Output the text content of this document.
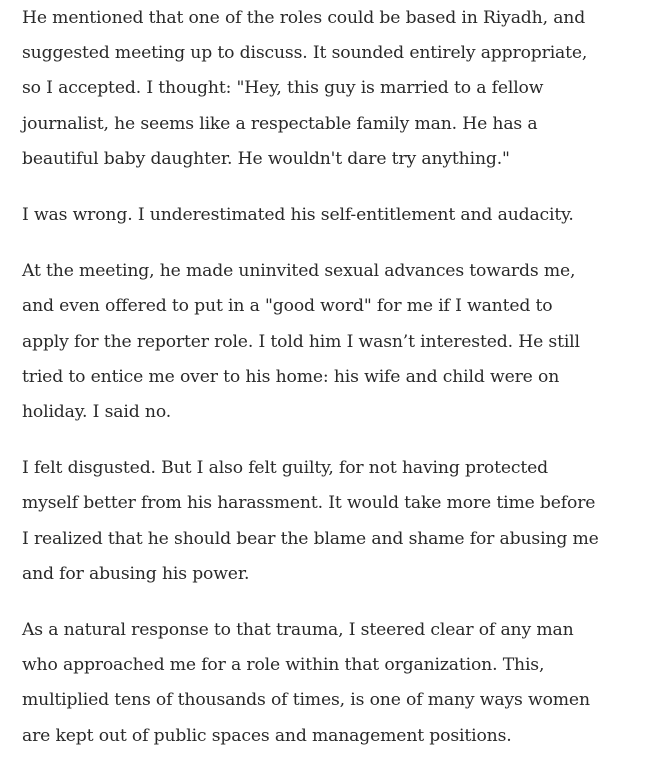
He mentioned that one of the roles could be based in Riyadh, and
suggested meeting up to discuss. It sounded entirely appropriate,
so I accepted. I thought: "Hey, this guy is married to a fellow
journalist, he seems like a respectable family man. He has a
beautiful baby daughter. He wouldn't dare try anything."

I was wrong. I underestimated his self-entitlement and audacity.

At the meeting, he made uninvited sexual advances towards me,
and even offered to put in a "good word" for me if I wanted to
apply for the reporter role. I told him I wasn’t interested. He still
tried to entice me over to his home: his wife and child were on
holiday. I said no.

I felt disgusted. But I also felt guilty, for not having protected
myself better from his harassment. It would take more time before
I realized that he should bear the blame and shame for abusing me
and for abusing his power.

As a natural response to that trauma, I steered clear of any man
who approached me for a role within that organization. This,
multiplied tens of thousands of times, is one of many ways women
are kept out of public spaces and management positions.
